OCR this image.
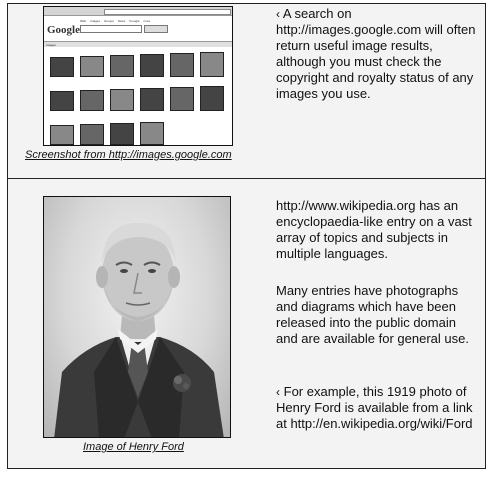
Google
Web Images Groups News Froogle more
Images
Screenshot from http://images.google.com
‹ A search on http://images.google.com will often return useful image results, although you must check the copyright and royalty status of any images you use.
Image of Henry Ford
http://www.wikipedia.org has an encyclopaedia-like entry on a vast array of topics and subjects in multiple languages.
Many entries have photographs and diagrams which have been released into the public domain and are available for general use.
‹ For example, this 1919 photo of Henry Ford is available from a link at http://en.wikipedia.org/wiki/Ford
